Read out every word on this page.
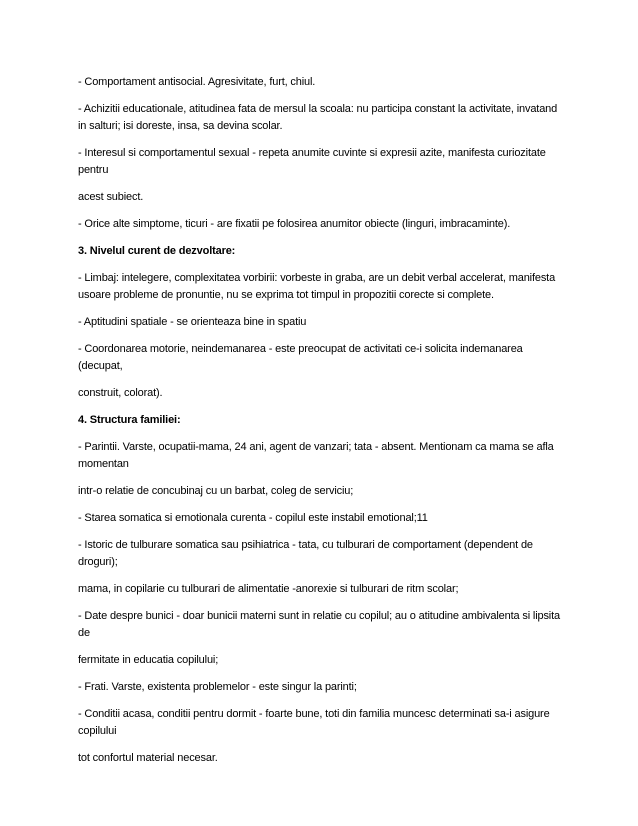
- Comportament antisocial. Agresivitate, furt, chiul.

- Achizitii educationale, atitudinea fata de mersul la scoala: nu participa constant la activitate, invatand in salturi; isi doreste, insa, sa devina scolar.

- Interesul si comportamentul sexual - repeta anumite cuvinte si expresii azite, manifesta curiozitate pentru

acest subiect.

- Orice alte simptome, ticuri - are fixatii pe folosirea anumitor obiecte (linguri, imbracaminte).

3. Nivelul curent de dezvoltare:

- Limbaj: intelegere, complexitatea vorbirii: vorbeste in graba, are un debit verbal accelerat, manifesta usoare probleme de pronuntie, nu se exprima tot timpul in propozitii corecte si complete.

- Aptitudini spatiale - se orienteaza bine in spatiu

- Coordonarea motorie, neindemanarea - este preocupat de activitati ce-i solicita indemanarea (decupat,

construit, colorat).

4. Structura familiei:

- Parintii. Varste, ocupatii-mama, 24 ani, agent de vanzari; tata - absent. Mentionam ca mama se afla momentan

intr-o relatie de concubinaj cu un barbat, coleg de serviciu;

- Starea somatica si emotionala curenta - copilul este instabil emotional;11

- Istoric de tulburare somatica sau psihiatrica - tata, cu tulburari de comportament (dependent de droguri);

mama, in copilarie cu tulburari de alimentatie -anorexie si tulburari de ritm scolar;

- Date despre bunici - doar bunicii materni sunt in relatie cu copilul; au o atitudine ambivalenta si lipsita de

fermitate in educatia copilului;

- Frati. Varste, existenta problemelor - este singur la parinti;

- Conditii acasa, conditii pentru dormit - foarte bune, toti din familia muncesc determinati sa-i asigure copilului

tot confortul material necesar.
